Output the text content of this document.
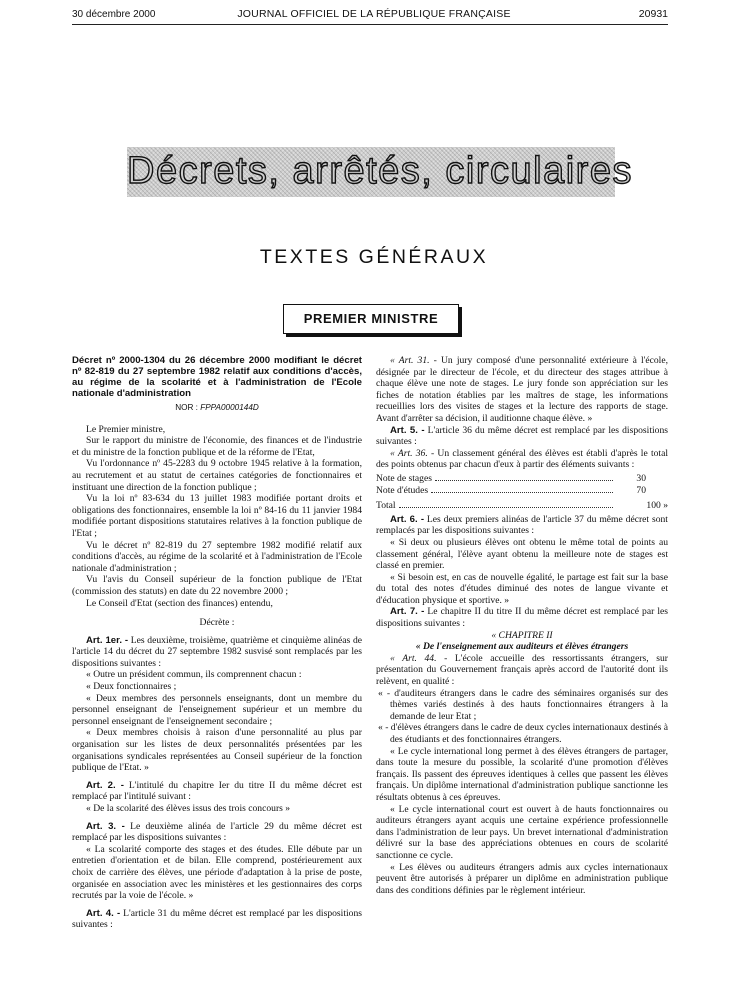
30 décembre 2000	JOURNAL OFFICIEL DE LA RÉPUBLIQUE FRANÇAISE	20931
Décrets, arrêtés, circulaires
TEXTES GÉNÉRAUX
PREMIER MINISTRE

Décret nº 2000-1304 du 26 décembre 2000 modifiant le décret nº 82-819 du 27 septembre 1982 relatif aux conditions d'accès, au régime de la scolarité et à l'administration de l'Ecole nationale d'administration

NOR : FPPA0000144D

Le Premier ministre,

Sur le rapport du ministre de l'économie, des finances et de l'industrie et du ministre de la fonction publique et de la réforme de l'Etat,

Vu l'ordonnance nº 45-2283 du 9 octobre 1945 relative à la formation, au recrutement et au statut de certaines catégories de fonctionnaires et instituant une direction de la fonction publique ;

Vu la loi nº 83-634 du 13 juillet 1983 modifiée portant droits et obligations des fonctionnaires, ensemble la loi nº 84-16 du 11 janvier 1984 modifiée portant dispositions statutaires relatives à la fonction publique de l'Etat ;

Vu le décret nº 82-819 du 27 septembre 1982 modifié relatif aux conditions d'accès, au régime de la scolarité et à l'administration de l'Ecole nationale d'administration ;

Vu l'avis du Conseil supérieur de la fonction publique de l'Etat (commission des statuts) en date du 22 novembre 2000 ;

Le Conseil d'Etat (section des finances) entendu,

Décrète :

Art. 1er. - Les deuxième, troisième, quatrième et cinquième alinéas de l'article 14 du décret du 27 septembre 1982 susvisé sont remplacés par les dispositions suivantes :

« Outre un président commun, ils comprennent chacun :

« Deux fonctionnaires ;

« Deux membres des personnels enseignants, dont un membre du personnel enseignant de l'enseignement supérieur et un membre du personnel enseignant de l'enseignement secondaire ;

« Deux membres choisis à raison d'une personnalité au plus par organisation sur les listes de deux personnalités présentées par les organisations syndicales représentées au Conseil supérieur de la fonction publique de l'Etat. »

Art. 2. - L'intitulé du chapitre Ier du titre II du même décret est remplacé par l'intitulé suivant :

« De la scolarité des élèves issus des trois concours »

Art. 3. - Le deuxième alinéa de l'article 29 du même décret est remplacé par les dispositions suivantes :

« La scolarité comporte des stages et des études. Elle débute par un entretien d'orientation et de bilan. Elle comprend, postérieurement aux choix de carrière des élèves, une période d'adaptation à la prise de poste, organisée en association avec les ministères et les gestionnaires des corps recrutés par la voie de l'école. »

Art. 4. - L'article 31 du même décret est remplacé par les dispositions suivantes :

« Art. 31. - Un jury composé d'une personnalité extérieure à l'école, désignée par le directeur de l'école, et du directeur des stages attribue à chaque élève une note de stages. Le jury fonde son appréciation sur les fiches de notation établies par les maîtres de stage, les informations recueillies lors des visites de stages et la lecture des rapports de stage. Avant d'arrêter sa décision, il auditionne chaque élève. »

Art. 5. - L'article 36 du même décret est remplacé par les dispositions suivantes :

« Art. 36. - Un classement général des élèves est établi d'après le total des points obtenus par chacun d'eux à partir des éléments suivants :

Note de stages	30
Note d'études	70
Total	100 »

Art. 6. - Les deux premiers alinéas de l'article 37 du même décret sont remplacés par les dispositions suivantes :

« Si deux ou plusieurs élèves ont obtenu le même total de points au classement général, l'élève ayant obtenu la meilleure note de stages est classé en premier.

« Si besoin est, en cas de nouvelle égalité, le partage est fait sur la base du total des notes d'études diminué des notes de langue vivante et d'éducation physique et sportive. »

Art. 7. - Le chapitre II du titre II du même décret est remplacé par les dispositions suivantes :

« CHAPITRE II

« De l'enseignement aux auditeurs et élèves étrangers

« Art. 44. - L'école accueille des ressortissants étrangers, sur présentation du Gouvernement français après accord de l'autorité dont ils relèvent, en qualité :

« - d'auditeurs étrangers dans le cadre des séminaires organisés sur des thèmes variés destinés à des hauts fonctionnaires étrangers à la demande de leur Etat ;

« - d'élèves étrangers dans le cadre de deux cycles internationaux destinés à des étudiants et des fonctionnaires étrangers.

« Le cycle international long permet à des élèves étrangers de partager, dans toute la mesure du possible, la scolarité d'une promotion d'élèves français. Ils passent des épreuves identiques à celles que passent les élèves français. Un diplôme international d'administration publique sanctionne les résultats obtenus à ces épreuves.

« Le cycle international court est ouvert à de hauts fonctionnaires ou auditeurs étrangers ayant acquis une certaine expérience professionnelle dans l'administration de leur pays. Un brevet international d'administration délivré sur la base des appréciations obtenues en cours de scolarité sanctionne ce cycle.

« Les élèves ou auditeurs étrangers admis aux cycles internationaux peuvent être autorisés à préparer un diplôme en administration publique dans des conditions définies par le règlement intérieur.
